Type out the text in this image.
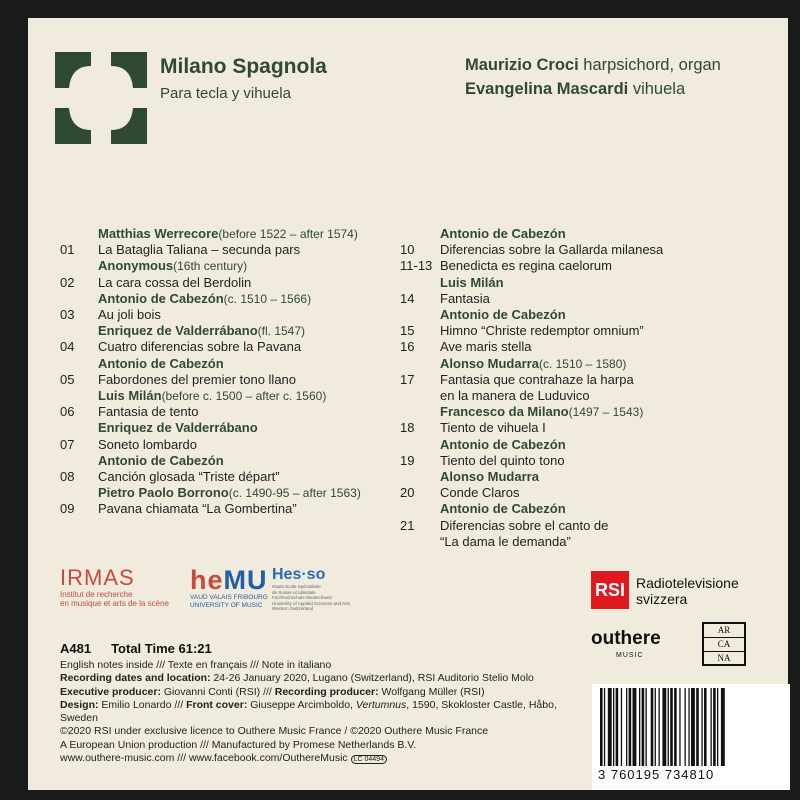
Milano Spagnola
Para tecla y vihuela
Maurizio Croci harpsichord, organ
Evangelina Mascardi vihuela
Matthias Werrecore (before 1522 – after 1574)
01	La Bataglia Taliana – secunda pars
Anonymous (16th century)
02	La cara cossa del Berdolin
Antonio de Cabezón (c. 1510 – 1566)
03	Au joli bois
Enriquez de Valderrábano (fl. 1547)
04	Cuatro diferencias sobre la Pavana
Antonio de Cabezón
05	Fabordones del premier tono llano
Luis Milán (before c. 1500 – after c. 1560)
06	Fantasia de tento
Enriquez de Valderrábano
07	Soneto lombardo
Antonio de Cabezón
08	Canción glosada “Triste départ”
Pietro Paolo Borrono (c. 1490-95 – after 1563)
09	Pavana chiamata “La Gombertina”
Antonio de Cabezón
10	Diferencias sobre la Gallarda milanesa
11-13 Benedicta es regina caelorum
Luis Milán
14	Fantasia
Antonio de Cabezón
15	Himno “Christe redemptor omnium”
16	Ave maris stella
Alonso Mudarra (c. 1510 – 1580)
17	Fantasia que contrahaze la harpa
en la manera de Luduvico
Francesco da Milano (1497 – 1543)
18	Tiento de vihuela I
Antonio de Cabezón
19	Tiento del quinto tono
Alonso Mudarra
20	Conde Claros
Antonio de Cabezón
21	Diferencias sobre el canto de
“La dama le demanda”
IRMAS
Institut de recherche
en musique et arts de la scène
heMU
VAUD VALAIS FRIBOURG
UNIVERSITY OF MUSIC
Hes·so
Haute Ecole Spécialisée
de Suisse occidentale
Fachhochschule Westschweiz
University of Applied Sciences and Arts
Western Switzerland
RSI Radiotelevisione
svizzera
outhere
MUSIC
AR
CA
NA
A481 Total Time 61:21
English notes inside /// Texte en français /// Note in italiano
Recording dates and location: 24-26 January 2020, Lugano (Switzerland), RSI Auditorio Stelio Molo
Executive producer: Giovanni Conti (RSI) /// Recording producer: Wolfgang Müller (RSI)
Design: Emilio Lonardo /// Front cover: Giuseppe Arcimboldo, Vertumnus, 1590, Skokloster Castle, Håbo, Sweden
©2020 RSI under exclusive licence to Outhere Music France / ©2020 Outhere Music France
A European Union production /// Manufactured by Promese Netherlands B.V.
www.outhere-music.com /// www.facebook.com/OuthereMusic LC 04494
3 760195 734810
